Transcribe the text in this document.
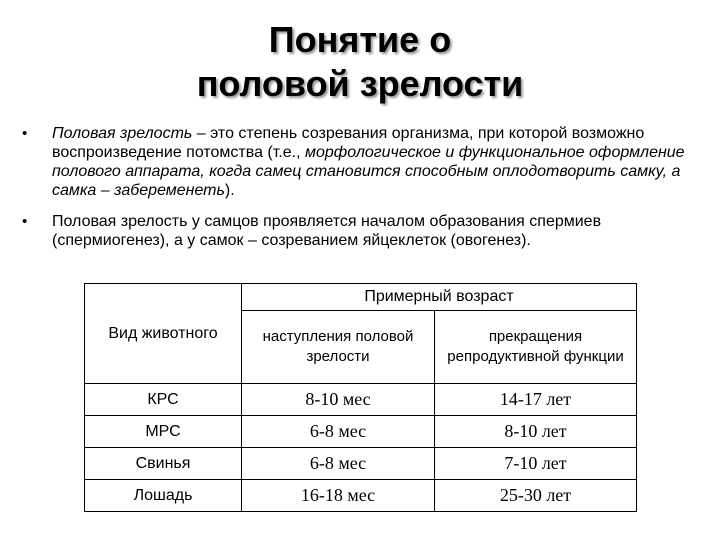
Понятие о
половой зрелости
•	Половая зрелость – это степень созревания организма, при которой возможно воспроизведение потомства (т.е., морфологическое и функциональное оформление полового аппарата, когда самец становится способным оплодотворить самку, а самка – забеременеть).
•	Половая зрелость у самцов проявляется началом образования спермиев (спермиогенез), а у самок – созреванием яйцеклеток (овогенез).
Вид животного	Примерный возраст	
	наступления половой зрелости	прекращения репродуктивной функции
КРС	8-10 мес	14-17 лет
МРС	6-8 мес	8-10 лет
Свинья	6-8 мес	7-10 лет
Лошадь	16-18 мес	25-30 лет
